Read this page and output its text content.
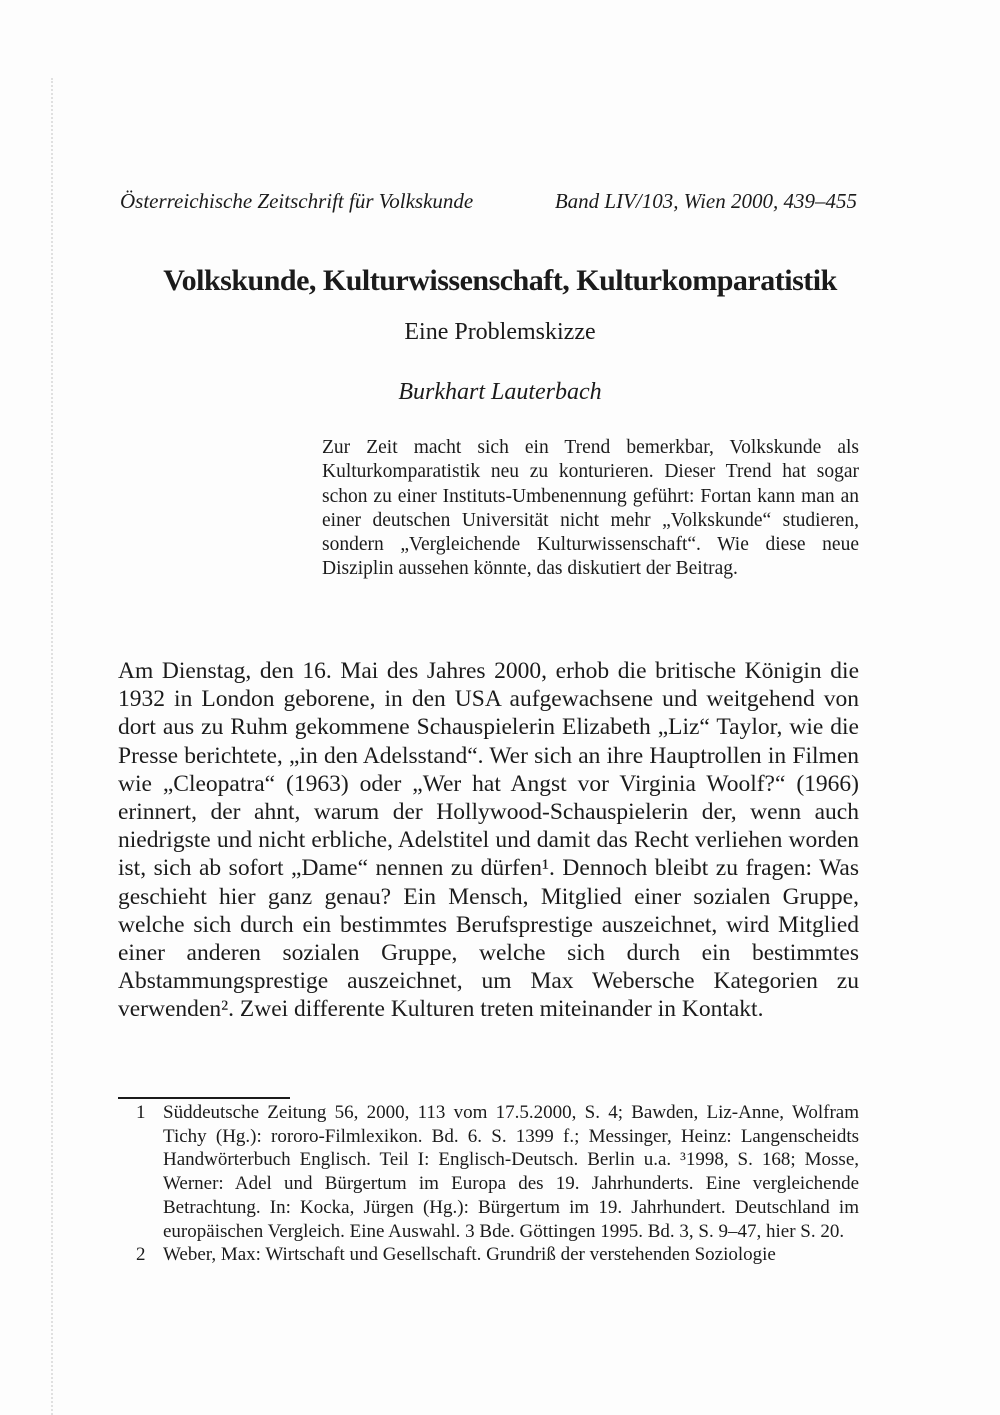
Österreichische Zeitschrift für Volkskunde	Band LIV/103, Wien 2000, 439–455
Volkskunde, Kulturwissenschaft, Kulturkomparatistik
Eine Problemskizze
Burkhart Lauterbach

Zur Zeit macht sich ein Trend bemerkbar, Volkskunde als Kulturkomparatistik neu zu konturieren. Dieser Trend hat sogar schon zu einer Instituts-Umbenennung geführt: Fortan kann man an einer deutschen Universität nicht mehr „Volkskunde“ studieren, sondern „Vergleichende Kulturwissenschaft“. Wie diese neue Disziplin aussehen könnte, das diskutiert der Beitrag.

Am Dienstag, den 16. Mai des Jahres 2000, erhob die britische Königin die 1932 in London geborene, in den USA aufgewachsene und weitgehend von dort aus zu Ruhm gekommene Schauspielerin Elizabeth „Liz“ Taylor, wie die Presse berichtete, „in den Adelsstand“. Wer sich an ihre Hauptrollen in Filmen wie „Cleopatra“ (1963) oder „Wer hat Angst vor Virginia Woolf?“ (1966) erinnert, der ahnt, warum der Hollywood-Schauspielerin der, wenn auch niedrigste und nicht erbliche, Adelstitel und damit das Recht verliehen worden ist, sich ab sofort „Dame“ nennen zu dürfen¹. Dennoch bleibt zu fragen: Was geschieht hier ganz genau? Ein Mensch, Mitglied einer sozialen Gruppe, welche sich durch ein bestimmtes Berufsprestige auszeichnet, wird Mitglied einer anderen sozialen Gruppe, welche sich durch ein bestimmtes Abstammungsprestige auszeichnet, um Max Webersche Kategorien zu verwenden². Zwei differente Kulturen treten miteinander in Kontakt.

1 Süddeutsche Zeitung 56, 2000, 113 vom 17.5.2000, S. 4; Bawden, Liz-Anne, Wolfram Tichy (Hg.): rororo-Filmlexikon. Bd. 6. S. 1399 f.; Messinger, Heinz: Langenscheidts Handwörterbuch Englisch. Teil I: Englisch-Deutsch. Berlin u.a. ³1998, S. 168; Mosse, Werner: Adel und Bürgertum im Europa des 19. Jahrhunderts. Eine vergleichende Betrachtung. In: Kocka, Jürgen (Hg.): Bürgertum im 19. Jahrhundert. Deutschland im europäischen Vergleich. Eine Auswahl. 3 Bde. Göttingen 1995. Bd. 3, S. 9–47, hier S. 20.
2 Weber, Max: Wirtschaft und Gesellschaft. Grundriß der verstehenden Soziologie
